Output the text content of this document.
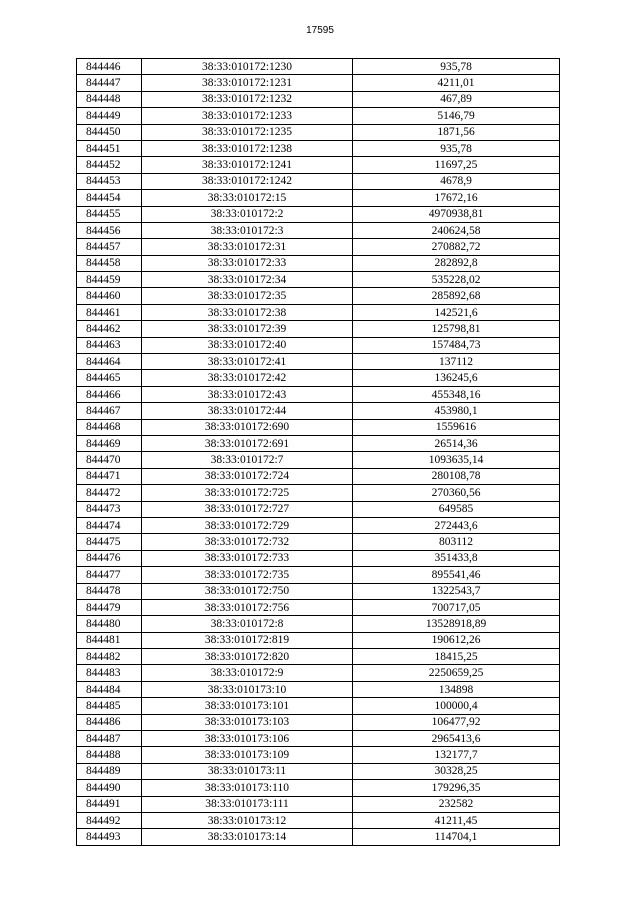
17595
844446	38:33:010172:1230	935,78
844447	38:33:010172:1231	4211,01
844448	38:33:010172:1232	467,89
844449	38:33:010172:1233	5146,79
844450	38:33:010172:1235	1871,56
844451	38:33:010172:1238	935,78
844452	38:33:010172:1241	11697,25
844453	38:33:010172:1242	4678,9
844454	38:33:010172:15	17672,16
844455	38:33:010172:2	4970938,81
844456	38:33:010172:3	240624,58
844457	38:33:010172:31	270882,72
844458	38:33:010172:33	282892,8
844459	38:33:010172:34	535228,02
844460	38:33:010172:35	285892,68
844461	38:33:010172:38	142521,6
844462	38:33:010172:39	125798,81
844463	38:33:010172:40	157484,73
844464	38:33:010172:41	137112
844465	38:33:010172:42	136245,6
844466	38:33:010172:43	455348,16
844467	38:33:010172:44	453980,1
844468	38:33:010172:690	1559616
844469	38:33:010172:691	26514,36
844470	38:33:010172:7	1093635,14
844471	38:33:010172:724	280108,78
844472	38:33:010172:725	270360,56
844473	38:33:010172:727	649585
844474	38:33:010172:729	272443,6
844475	38:33:010172:732	803112
844476	38:33:010172:733	351433,8
844477	38:33:010172:735	895541,46
844478	38:33:010172:750	1322543,7
844479	38:33:010172:756	700717,05
844480	38:33:010172:8	13528918,89
844481	38:33:010172:819	190612,26
844482	38:33:010172:820	18415,25
844483	38:33:010172:9	2250659,25
844484	38:33:010173:10	134898
844485	38:33:010173:101	100000,4
844486	38:33:010173:103	106477,92
844487	38:33:010173:106	2965413,6
844488	38:33:010173:109	132177,7
844489	38:33:010173:11	30328,25
844490	38:33:010173:110	179296,35
844491	38:33:010173:111	232582
844492	38:33:010173:12	41211,45
844493	38:33:010173:14	114704,1
